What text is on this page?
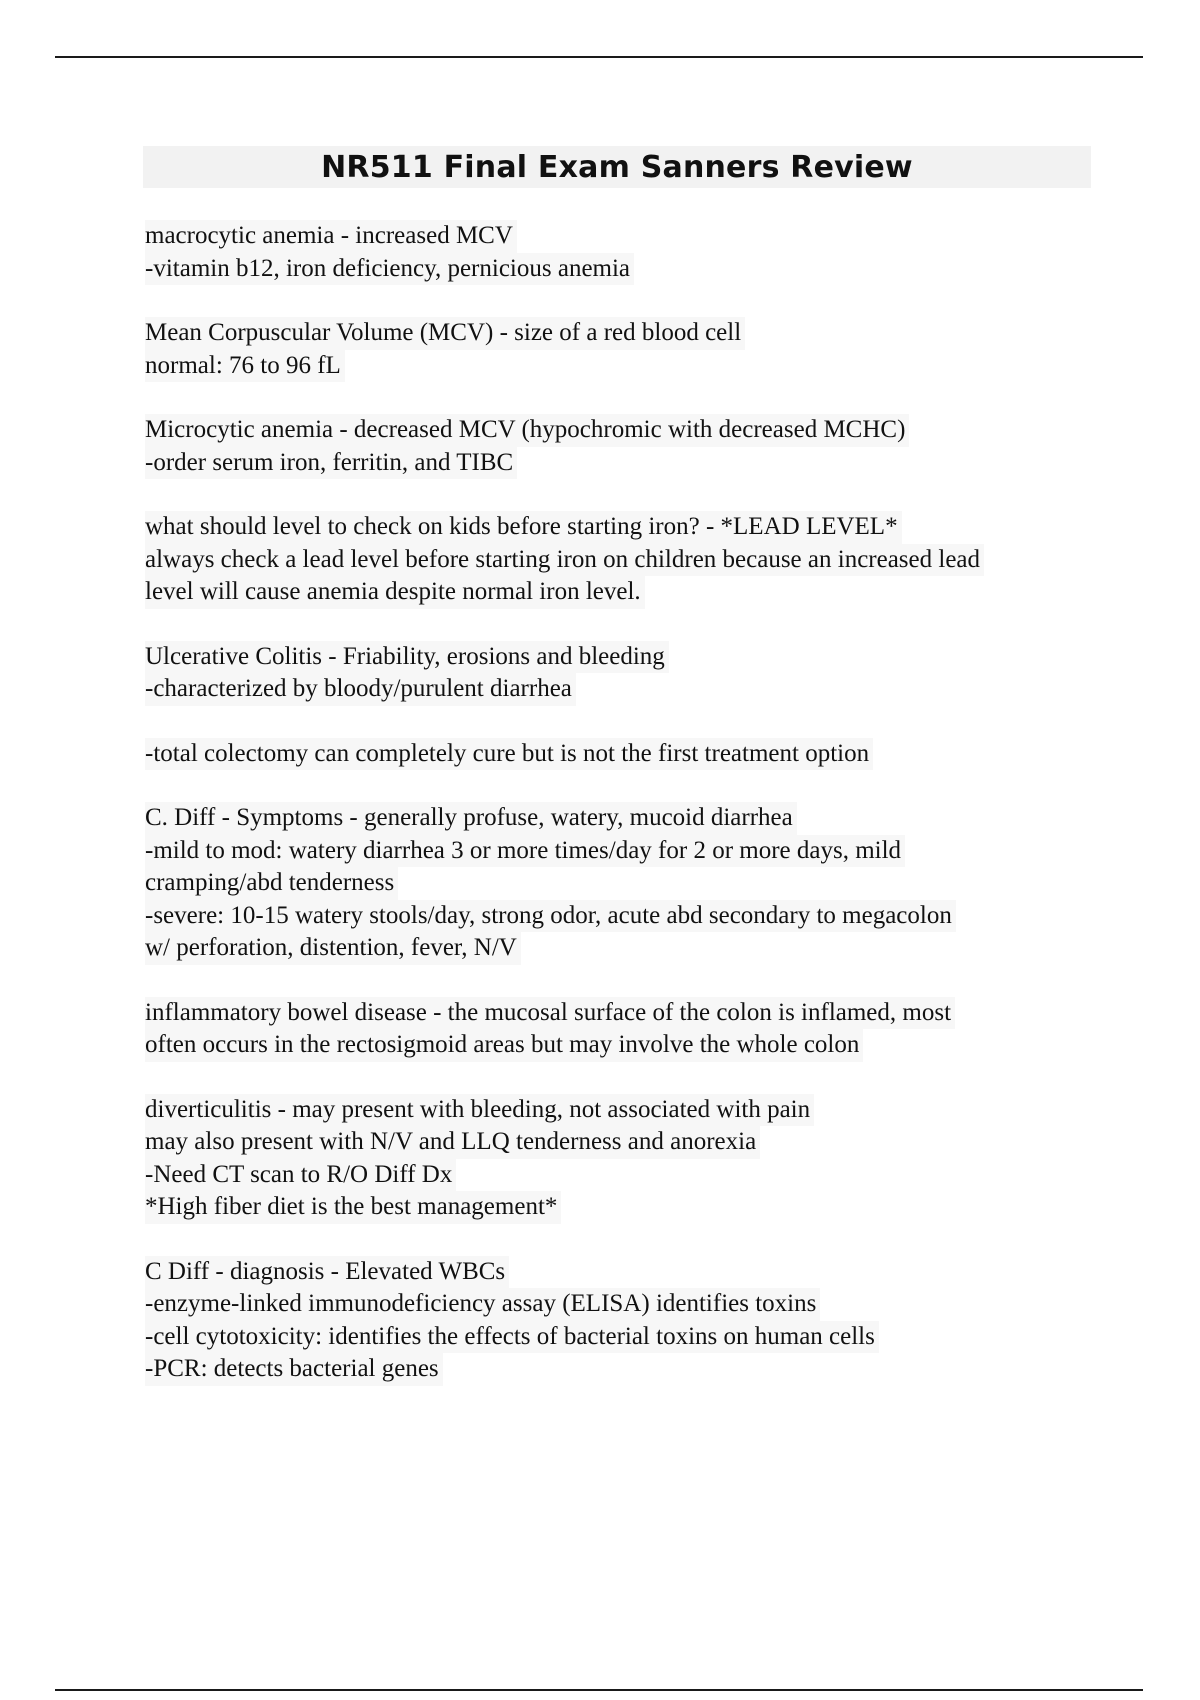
NR511 Final Exam Sanners Review
macrocytic anemia - increased MCV
-vitamin b12, iron deficiency, pernicious anemia
Mean Corpuscular Volume (MCV) - size of a red blood cell
normal: 76 to 96 fL
Microcytic anemia - decreased MCV (hypochromic with decreased MCHC)
-order serum iron, ferritin, and TIBC
what should level to check on kids before starting iron? - *LEAD LEVEL*
always check a lead level before starting iron on children because an increased lead
level will cause anemia despite normal iron level.
Ulcerative Colitis - Friability, erosions and bleeding
-characterized by bloody/purulent diarrhea
-total colectomy can completely cure but is not the first treatment option
C. Diff - Symptoms - generally profuse, watery, mucoid diarrhea
-mild to mod: watery diarrhea 3 or more times/day for 2 or more days, mild
cramping/abd tenderness
-severe: 10-15 watery stools/day, strong odor, acute abd secondary to megacolon
w/ perforation, distention, fever, N/V
inflammatory bowel disease - the mucosal surface of the colon is inflamed, most
often occurs in the rectosigmoid areas but may involve the whole colon
diverticulitis - may present with bleeding, not associated with pain
may also present with N/V and LLQ tenderness and anorexia
-Need CT scan to R/O Diff Dx
*High fiber diet is the best management*
C Diff - diagnosis - Elevated WBCs
-enzyme-linked immunodeficiency assay (ELISA) identifies toxins
-cell cytotoxicity: identifies the effects of bacterial toxins on human cells
-PCR: detects bacterial genes
